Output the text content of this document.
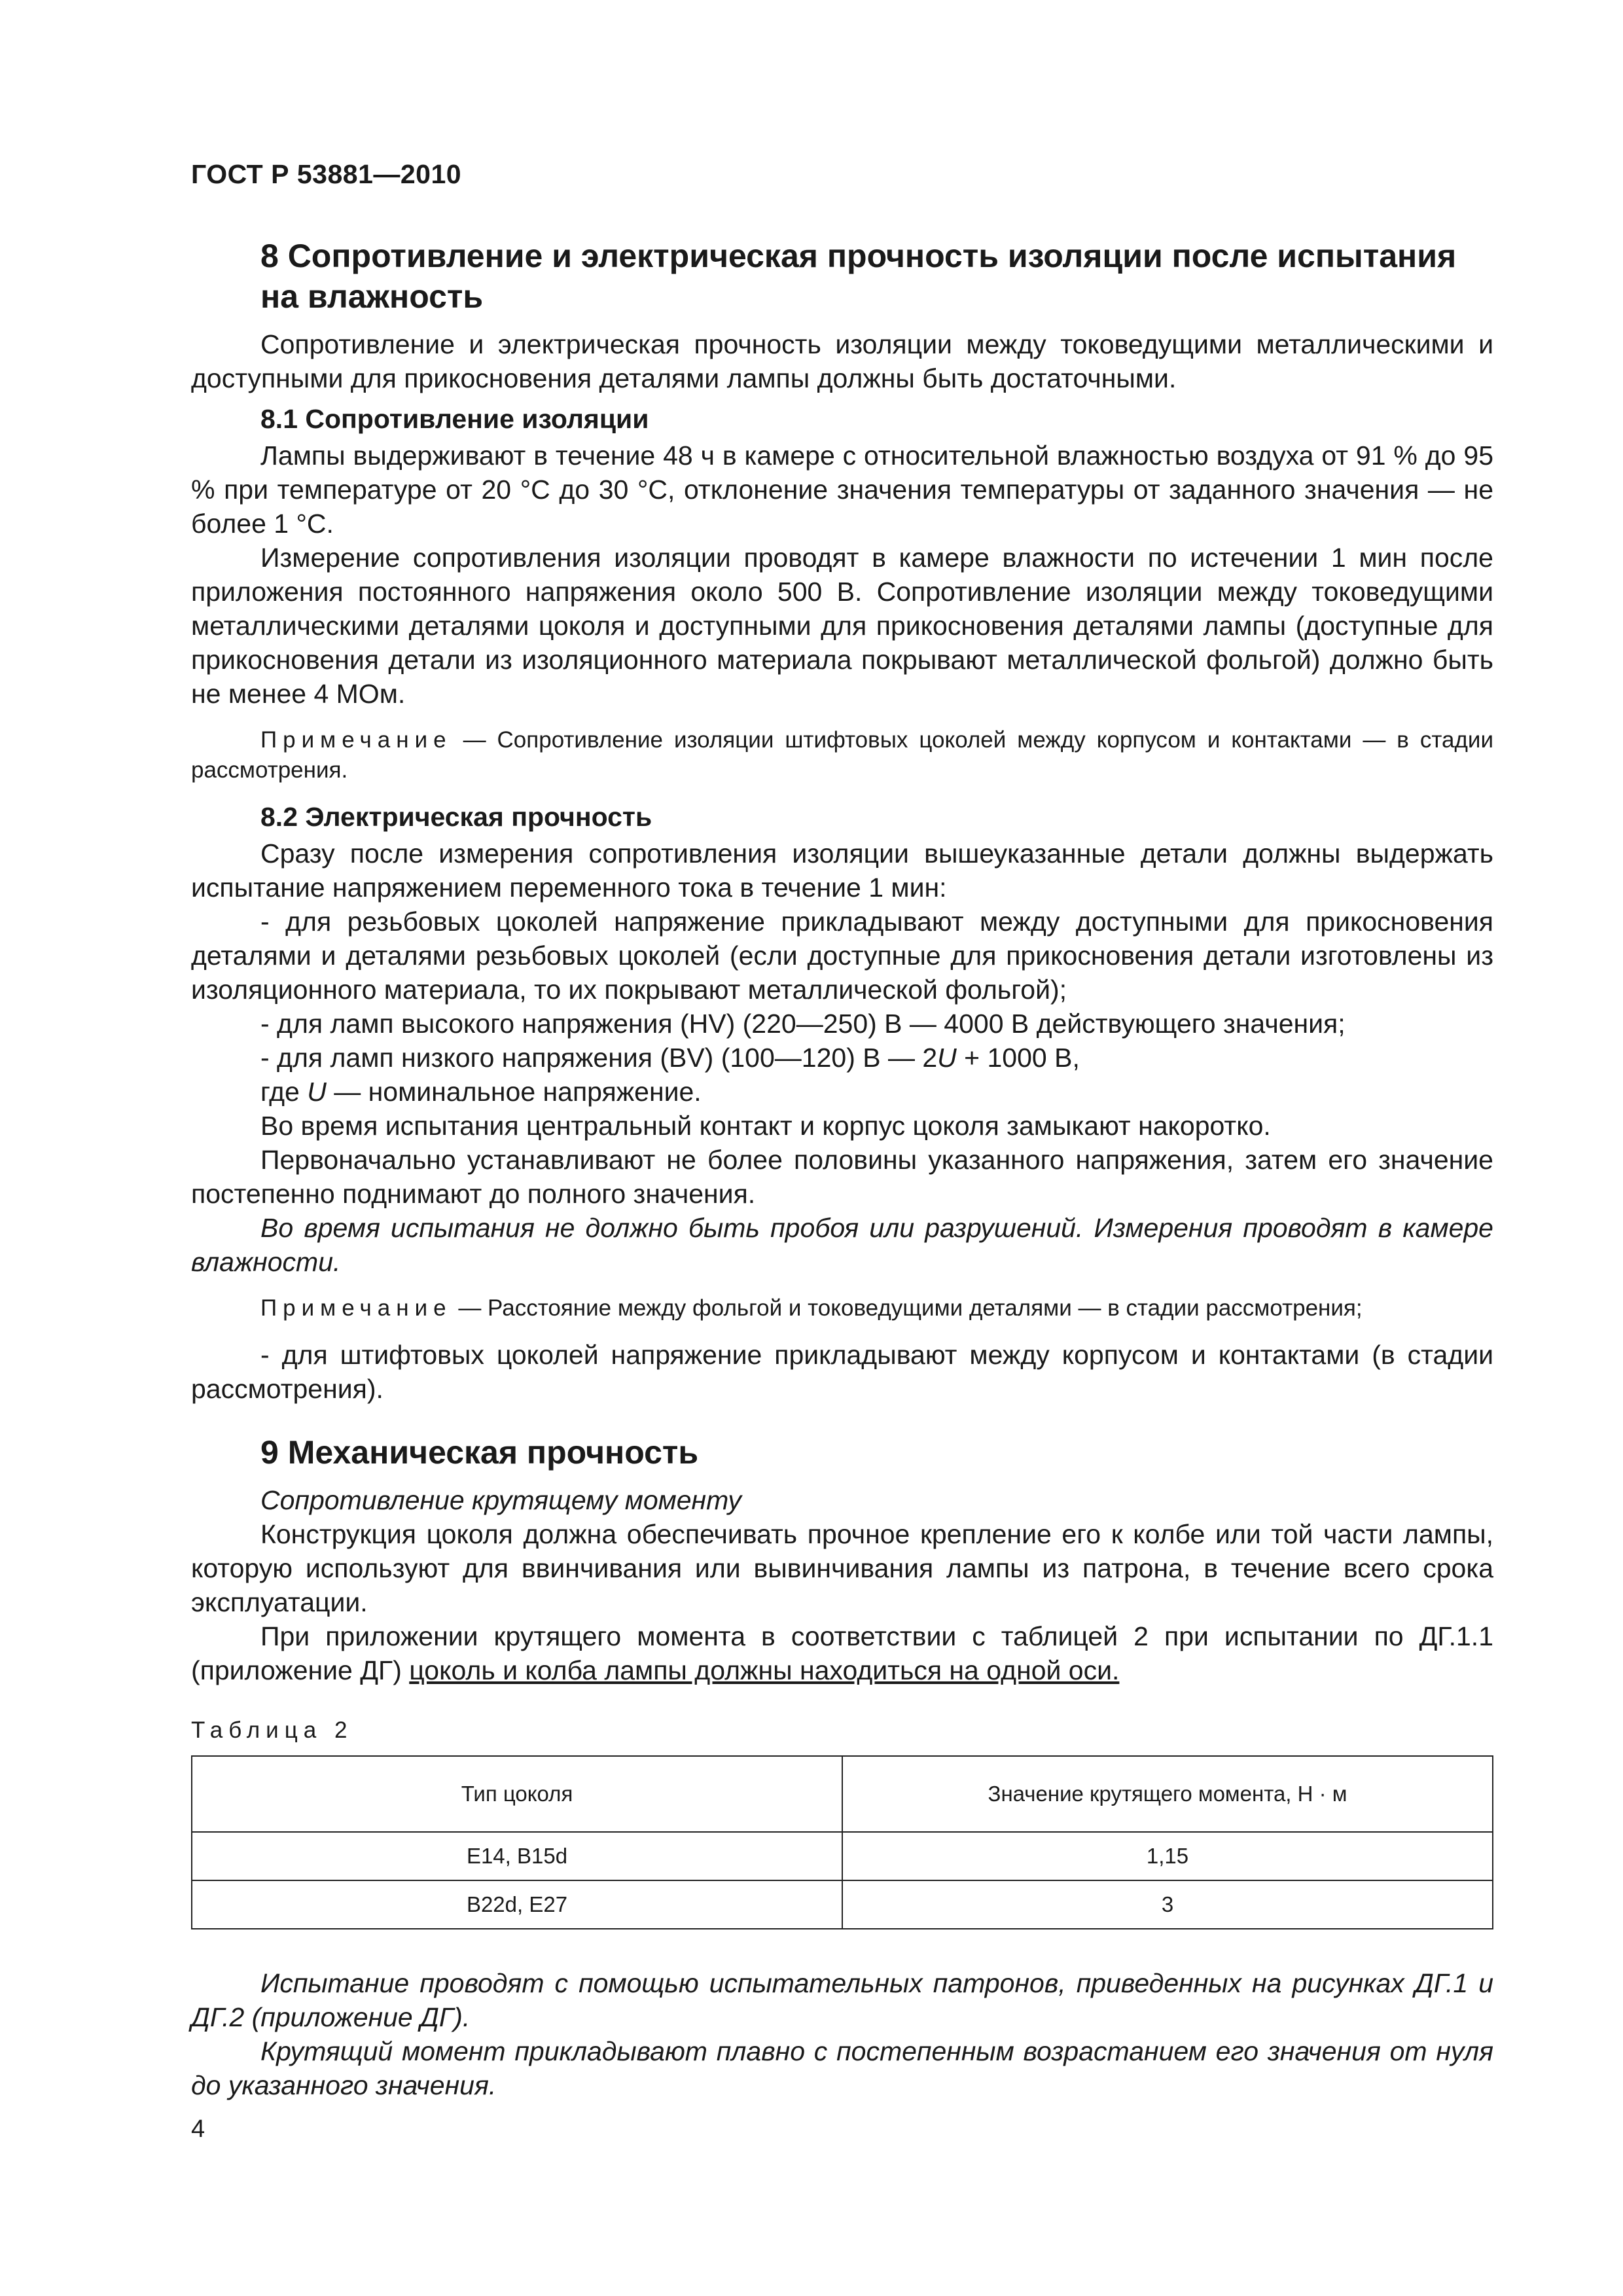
ГОСТ Р 53881—2010
8 Сопротивление и электрическая прочность изоляции после испытания на влажность

Сопротивление и электрическая прочность изоляции между токоведущими металлическими и доступными для прикосновения деталями лампы должны быть достаточными.

8.1 Сопротивление изоляции

Лампы выдерживают в течение 48 ч в камере с относительной влажностью воздуха от 91 % до 95 % при температуре от 20 °С до 30 °С, отклонение значения температуры от заданного значения — не более 1 °С.

Измерение сопротивления изоляции проводят в камере влажности по истечении 1 мин после приложения постоянного напряжения около 500 В. Сопротивление изоляции между токоведущими металлическими деталями цоколя и доступными для прикосновения деталями лампы (доступные для прикосновения детали из изоляционного материала покрывают металлической фольгой) должно быть не менее 4 МОм.

Примечание — Сопротивление изоляции штифтовых цоколей между корпусом и контактами — в стадии рассмотрения.

8.2 Электрическая прочность

Сразу после измерения сопротивления изоляции вышеуказанные детали должны выдержать испытание напряжением переменного тока в течение 1 мин:

- для резьбовых цоколей напряжение прикладывают между доступными для прикосновения деталями и деталями резьбовых цоколей (если доступные для прикосновения детали изготовлены из изоляционного материала, то их покрывают металлической фольгой);

- для ламп высокого напряжения (HV) (220—250) В — 4000 В действующего значения;

- для ламп низкого напряжения (BV) (100—120) В — 2U + 1000 В,

где U — номинальное напряжение.

Во время испытания центральный контакт и корпус цоколя замыкают накоротко.

Первоначально устанавливают не более половины указанного напряжения, затем его значение постепенно поднимают до полного значения.

Во время испытания не должно быть пробоя или разрушений. Измерения проводят в камере влажности.

Примечание — Расстояние между фольгой и токоведущими деталями — в стадии рассмотрения;

- для штифтовых цоколей напряжение прикладывают между корпусом и контактами (в стадии рассмотрения).

9 Механическая прочность

Сопротивление крутящему моменту

Конструкция цоколя должна обеспечивать прочное крепление его к колбе или той части лампы, которую используют для ввинчивания или вывинчивания лампы из патрона, в течение всего срока эксплуатации.

При приложении крутящего момента в соответствии с таблицей 2 при испытании по ДГ.1.1 (приложение ДГ) цоколь и колба лампы должны находиться на одной оси.

Таблица 2
Тип цоколя	Значение крутящего момента, Н · м
E14, B15d	1,15
B22d, E27	3

Испытание проводят с помощью испытательных патронов, приведенных на рисунках ДГ.1 и ДГ.2 (приложение ДГ).

Крутящий момент прикладывают плавно с постепенным возрастанием его значения от нуля до указанного значения.

4
